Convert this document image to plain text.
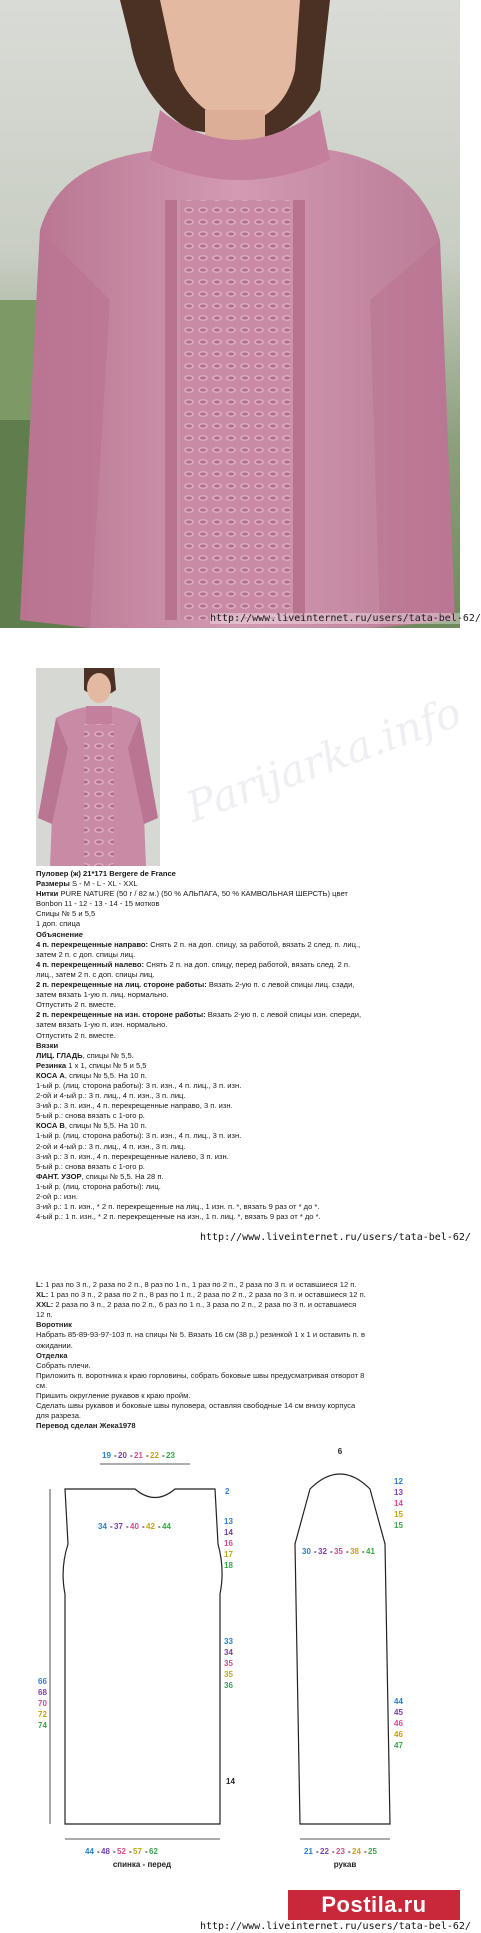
http://www.liveinternet.ru/users/tata-bel-62/
Parijarka.info

Пуловер (ж) 21*171 Bergere de France

Размеры S - M - L - XL - XXL

Нитки PURE NATURE (50 г / 82 м.) (50 % АЛЬПАГА, 50 % КАМВОЛЬНАЯ ШЕРСТЬ) цвет

Bonbon 11 - 12 - 13 - 14 - 15 мотков

Спицы № 5 и 5,5

1 доп. спица

Объяснение

4 п. перекрещенные направо: Снять 2 п. на доп. спицу, за работой, вязать 2 след. п. лиц.,

затем 2 п. с доп. спицы лиц.

4 п. перекрещенный налево: Снять 2 п. на доп. спицу, перед работой, вязать след. 2 п.

лиц., затем 2 п. с доп. спицы лиц.

2 п. перекрещенные на лиц. стороне работы: Вязать 2-ую п. с левой спицы лиц. сзади,

затем вязать 1-ую п. лиц. нормально.

Отпустить 2 п. вместе.

2 п. перекрещенные на изн. стороне работы: Вязать 2-ую п. с левой спицы изн. спереди,

затем вязать 1-ую п. изн. нормально.

Отпустить 2 п. вместе.

Вязки

ЛИЦ. ГЛАДЬ, спицы № 5,5.

Резинка 1 х 1, спицы № 5 и 5,5

КОСА А, спицы № 5,5. На 10 п.

1-ый р. (лиц. сторона работы): 3 п. изн., 4 п. лиц., 3 п. изн.

2-ой и 4-ый р.: 3 п. лиц., 4 п. изн., 3 п. лиц.

3-ий р.: 3 п. изн., 4 п. перекрещенные направо, 3 п. изн.

5-ый р.: снова вязать с 1-ого р.

КОСА В, спицы № 5,5. На 10 п.

1-ый р. (лиц. сторона работы): 3 п. изн., 4 п. лиц., 3 п. изн.

2-ой и 4-ый р.: 3 п. лиц., 4 п. изн., 3 п. лиц.

3-ий р.: 3 п. изн., 4 п. перекрещенные налево, 3 п. изн.

5-ый р.: снова вязать с 1-ого р.

ФАНТ. УЗОР, спицы № 5,5. На 28 п.

1-ый р. (лиц. сторона работы): лиц.

2-ой р.: изн.

3-ий р.: 1 п. изн., * 2 п. перекрещенные на лиц., 1 изн. п. *, вязать 9 раз от * до *.

4-ый р.: 1 п. изн., * 2 п. перекрещенные на изн., 1 п. лиц. *, вязать 9 раз от * до *.

http://www.liveinternet.ru/users/tata-bel-62/

L: 1 раз по 3 п., 2 раза по 2 п., 8 раз по 1 п., 1 раз по 2 п., 2 раза по 3 п. и оставшиеся 12 п.

XL: 1 раз по 3 п., 2 раза по 2 п., 8 раз по 1 п., 2 раза по 2 п., 2 раза по 3 п. и оставшиеся 12 п.

XXL: 2 раза по 3 п., 2 раза по 2 п., 6 раз по 1 п., 3 раза по 2 п., 2 раза по 3 п. и оставшиеся

12 п.

Воротник

Набрать 85-89-93-97-103 п. на спицы № 5. Вязать 16 см (38 р.) резинкой 1 х 1 и оставить п. в

ожидании.

Отделка

Собрать плечи.

Приложить п. воротника к краю горловины, собрать боковые швы предусматривая отворот 8

см.

Пришить округление рукавов к краю пройм.

Сделать швы рукавов и боковые швы пуловера, оставляя свободные 14 см внизу корпуса

для разреза.

Перевод сделан Жека1978

19 - 20 - 21 - 22 - 23
34 - 37 - 40 - 42 - 44
2
13
14
16
17
18
33
34
35
35
36
66
68
70
72
74
14
44 - 48 - 52 - 57 - 62
спинка - перед
6
12
13
14
15
15
30 - 32 - 35 - 38 - 41
44
45
46
46
47
21 - 22 - 23 - 24 - 25
рукав
Postila.ru
http://www.liveinternet.ru/users/tata-bel-62/
